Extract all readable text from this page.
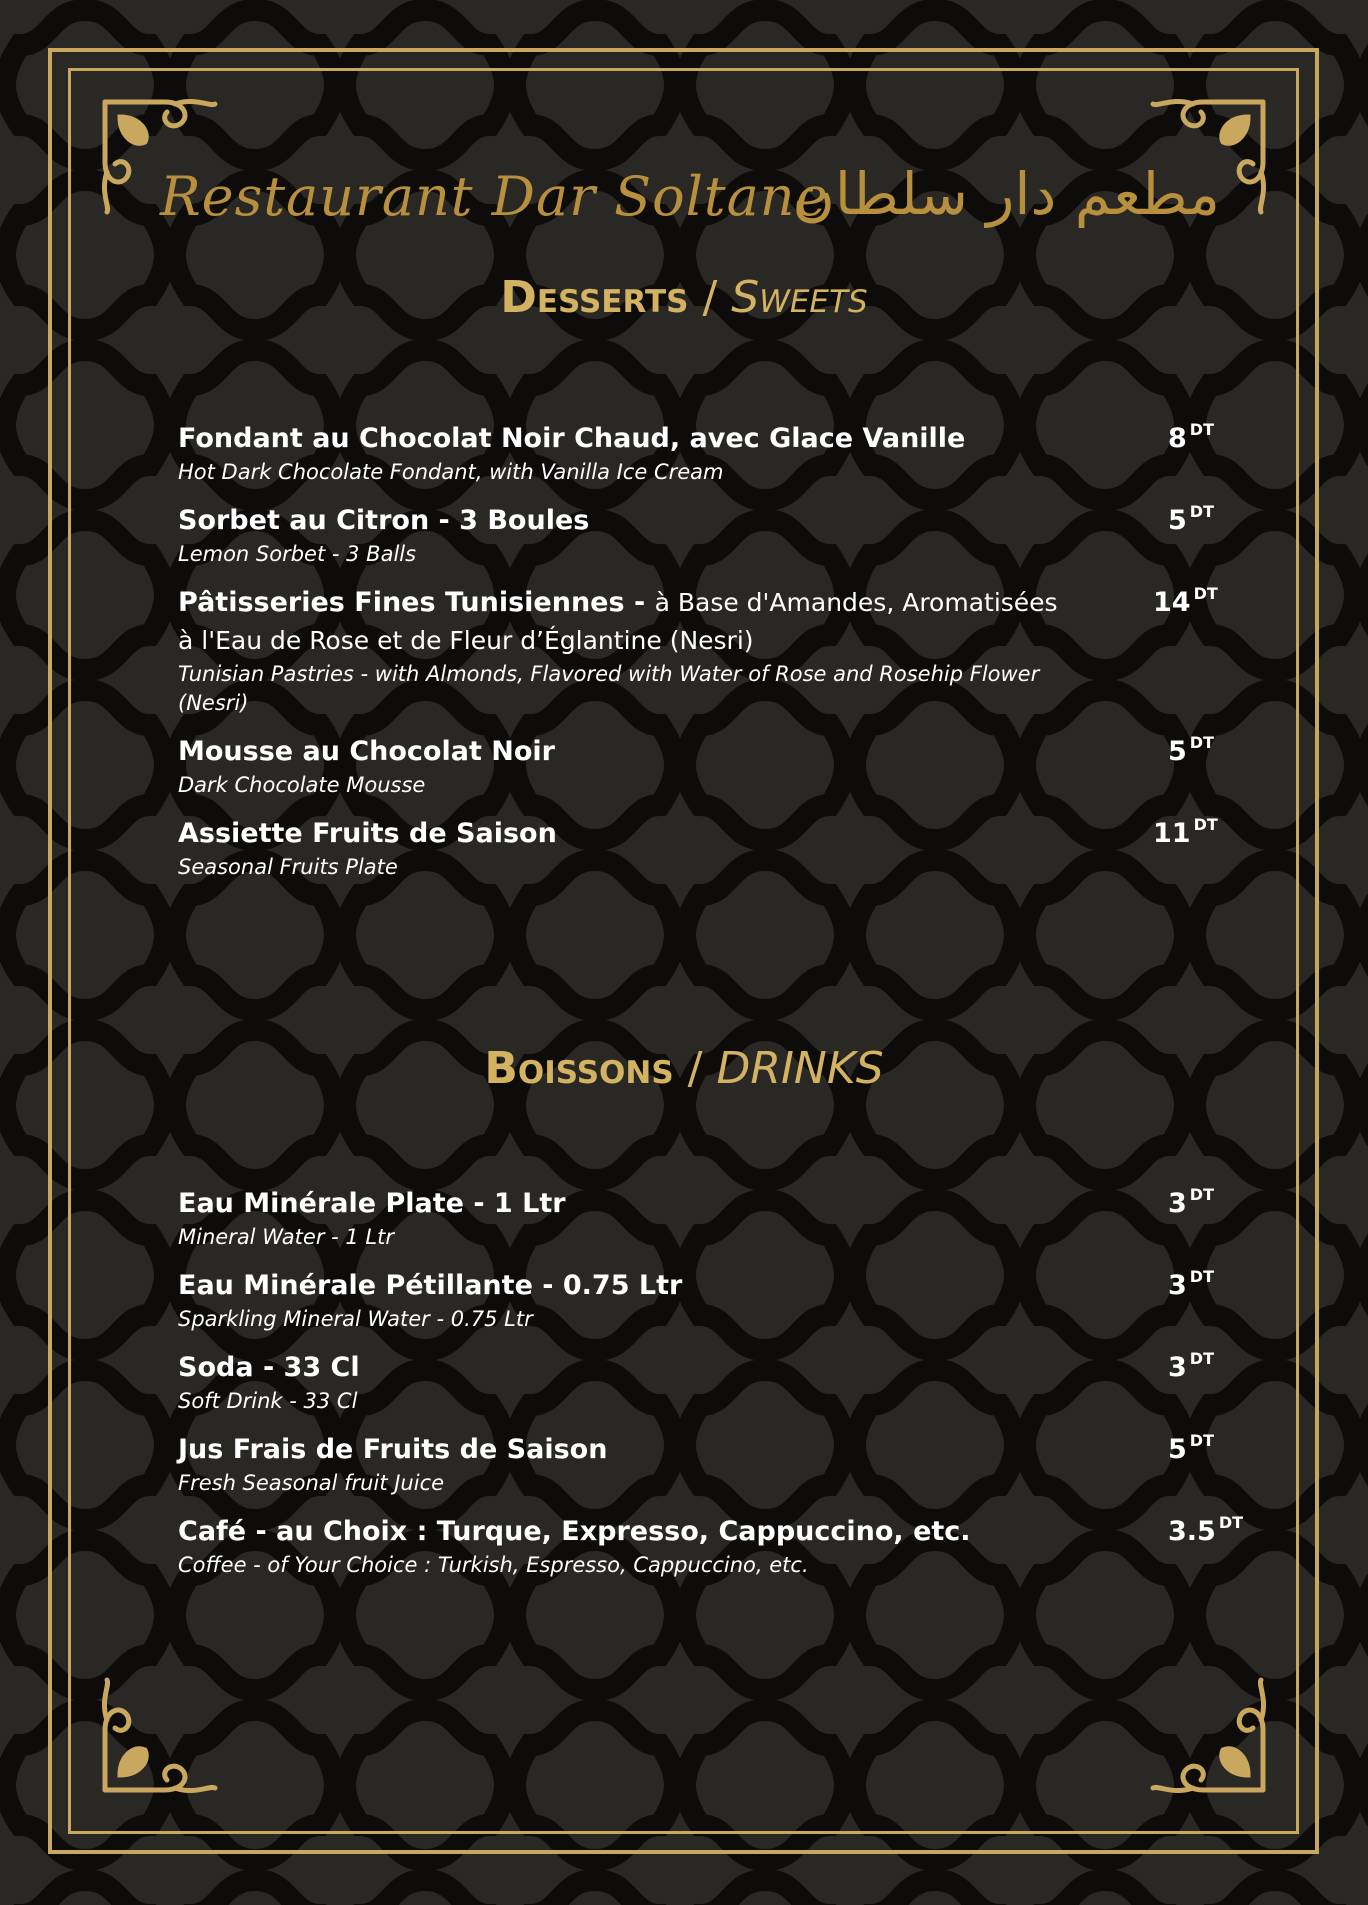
Restaurant Dar Soltane
مطعم دار سلطان
Desserts / Sweets
Fondant au Chocolat Noir Chaud, avec Glace Vanille
Hot Dark Chocolate Fondant, with Vanilla Ice Cream
8 $^{DT}$
Sorbet au Citron - 3 Boules
Lemon Sorbet - 3 Balls
5 $^{DT}$
Pâtisseries Fines Tunisiennes - à Base d'Amandes, Aromatisées à l'Eau de Rose et de Fleur d’Églantine (Nesri)
Tunisian Pastries - with Almonds, Flavored with Water of Rose and Rosehip Flower (Nesri)
14 $^{DT}$
Mousse au Chocolat Noir
Dark Chocolate Mousse
5 $^{DT}$
Assiette Fruits de Saison
Seasonal Fruits Plate
11 $^{DT}$
Boissons / DRINKS
Eau Minérale Plate - 1 Ltr
Mineral Water - 1 Ltr
3 $^{DT}$
Eau Minérale Pétillante - 0.75 Ltr
Sparkling Mineral Water - 0.75 Ltr
3 $^{DT}$
Soda - 33 Cl
Soft Drink - 33 Cl
3 $^{DT}$
Jus Frais de Fruits de Saison
Fresh Seasonal fruit Juice
5 $^{DT}$
Café - au Choix : Turque, Expresso, Cappuccino, etc.
Coffee - of Your Choice : Turkish, Espresso, Cappuccino, etc.
3.5 $^{DT}$
